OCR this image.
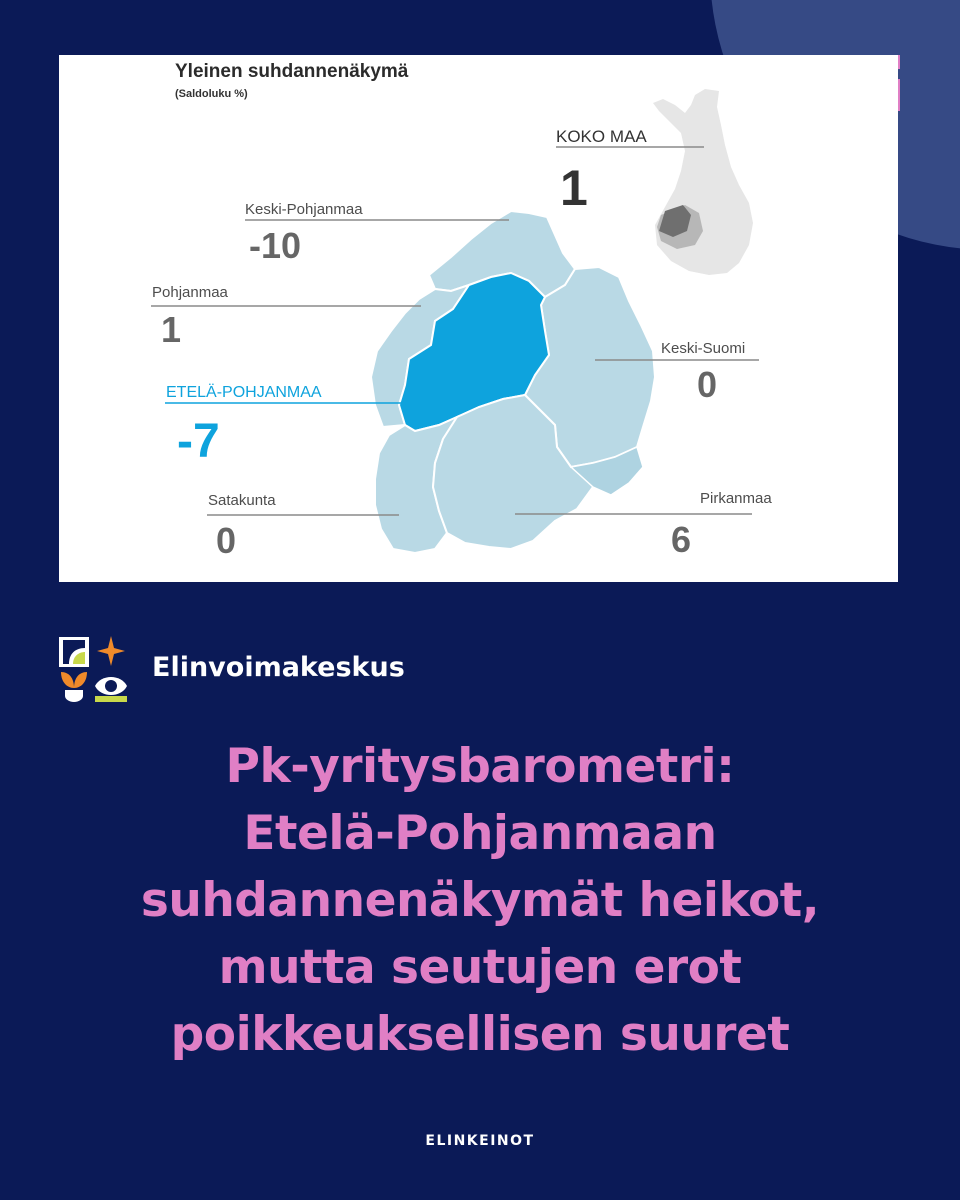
Yleinen suhdannenäkymä
(Saldoluku %)
KOKO MAA
1
Keski-Pohjanmaa
-10
Pohjanmaa
1	Keski-Suomi
0
ETELÄ-POHJANMAA
-7
Satakunta
0
Pirkanmaa
6
Elinvoimakeskus
Pk-yritysbarometri:
Etelä-Pohjanmaan
suhdannenäkymät heikot,
mutta seutujen erot
poikkeuksellisen suuret
ELINKEINOT
